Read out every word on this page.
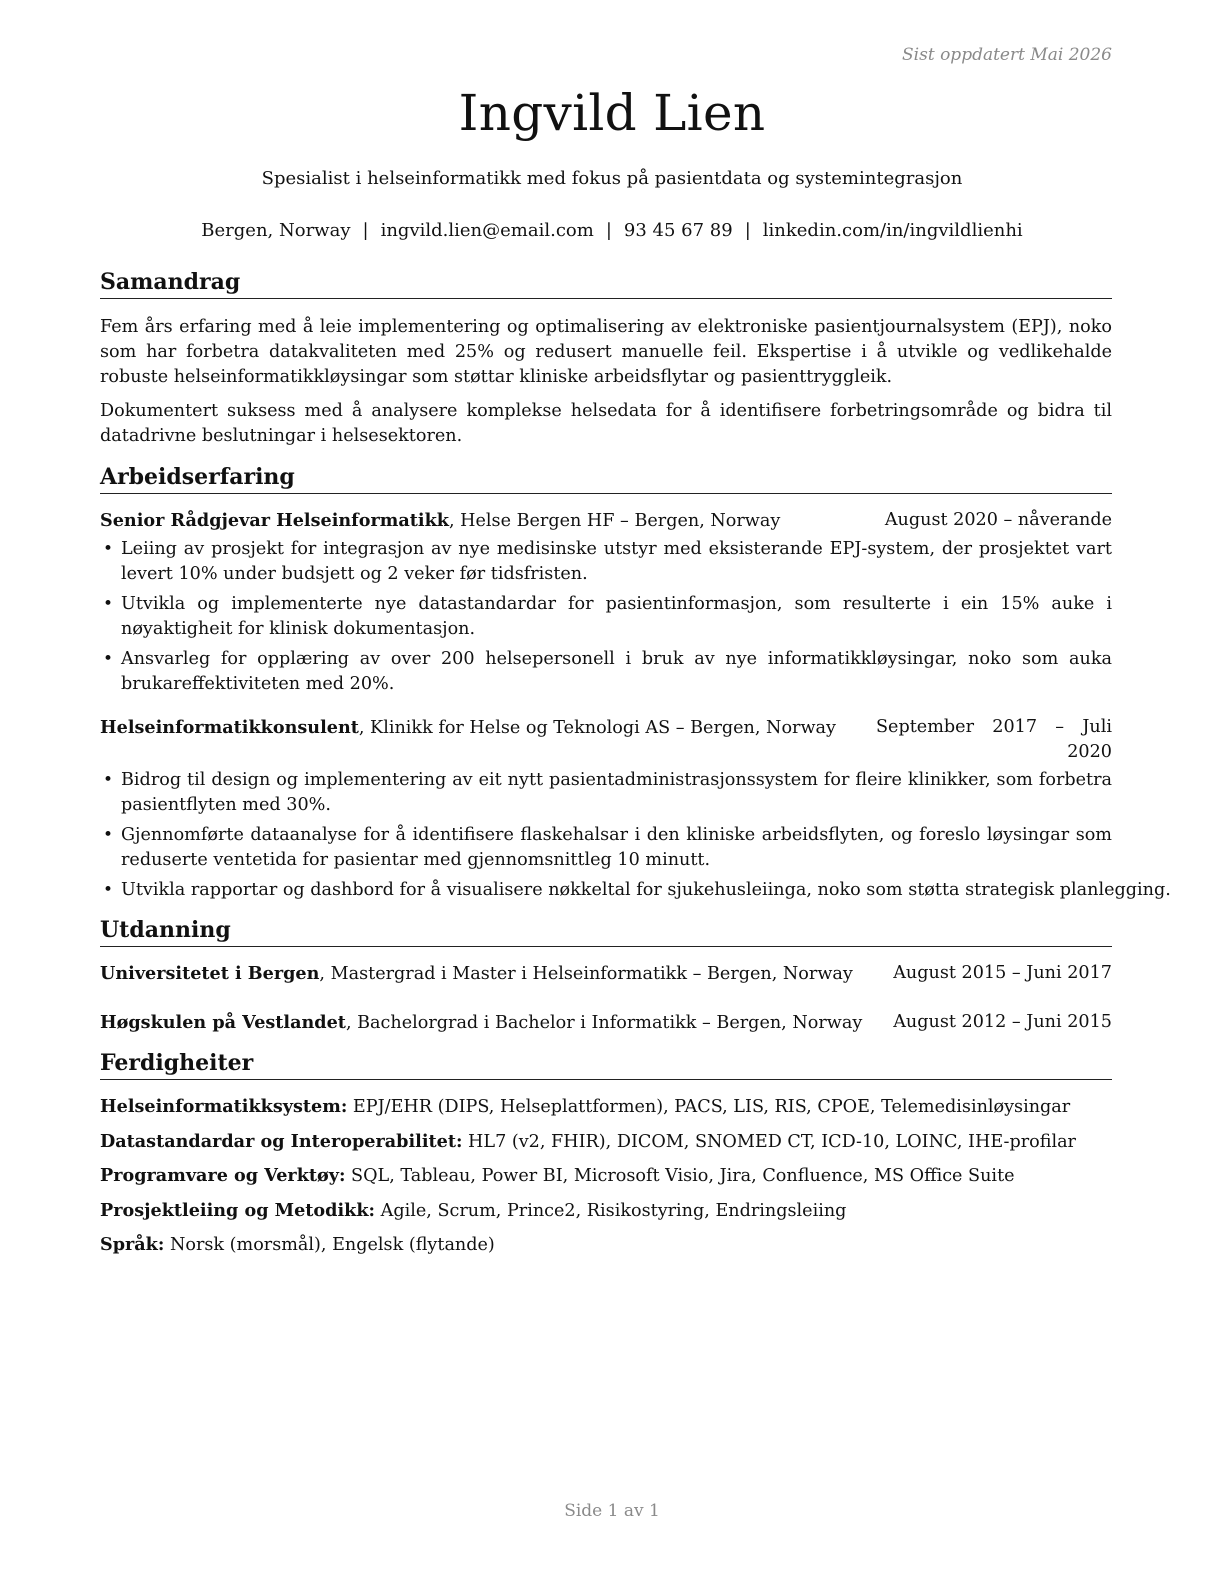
Sist oppdatert Mai 2026
Ingvild Lien
Spesialist i helseinformatikk med fokus på pasientdata og systemintegrasjon
Bergen, Norway | ingvild.lien@email.com | 93 45 67 89 | linkedin.com/in/ingvildlienhi
Samandrag

Fem års erfaring med å leie implementering og optimalisering av elektroniske pasientjournalsystem (EPJ), noko som har forbetra datakvaliteten med 25% og redusert manuelle feil. Ekspertise i å utvikle og vedlikehalde robuste helseinformatikkløysingar som støttar kliniske arbeidsflytar og pasienttryggleik.

Dokumentert suksess med å analysere komplekse helsedata for å identifisere forbetringsområde og bidra til datadrivne beslutningar i helsesektoren.

Arbeidserfaring
Senior Rådgjevar Helseinformatikk, Helse Bergen HF – Bergen, Norway	August 2020 – nåverande
• Leiing av prosjekt for integrasjon av nye medisinske utstyr med eksisterande EPJ-system, der prosjektet vart levert 10% under budsjett og 2 veker før tidsfristen.
• Utvikla og implementerte nye datastandardar for pasientinformasjon, som resulterte i ein 15% auke i nøyaktigheit for klinisk dokumentasjon.
• Ansvarleg for opplæring av over 200 helsepersonell i bruk av nye informatikkløysingar, noko som auka brukareffektiviteten med 20%.
Helseinformatikkonsulent, Klinikk for Helse og Teknologi AS – Bergen, Norway	September 2017 – Juli 2020
• Bidrog til design og implementering av eit nytt pasientadministrasjonssystem for fleire klinikker, som forbetra pasientflyten med 30%.
• Gjennomførte dataanalyse for å identifisere flaskehalsar i den kliniske arbeidsflyten, og foreslo løysingar som reduserte ventetida for pasientar med gjennomsnittleg 10 minutt.
• Utvikla rapportar og dashbord for å visualisere nøkkeltal for sjukehusleiinga, noko som støtta strategisk planlegging.
Utdanning
Universitetet i Bergen, Mastergrad i Master i Helseinformatikk – Bergen, Norway	August 2015 – Juni 2017
Høgskulen på Vestlandet, Bachelorgrad i Bachelor i Informatikk – Bergen, Norway	August 2012 – Juni 2015
Ferdigheiter
Helseinformatikksystem: EPJ/EHR (DIPS, Helseplattformen), PACS, LIS, RIS, CPOE, Telemedisinløysingar
Datastandardar og Interoperabilitet: HL7 (v2, FHIR), DICOM, SNOMED CT, ICD-10, LOINC, IHE-profilar
Programvare og Verktøy: SQL, Tableau, Power BI, Microsoft Visio, Jira, Confluence, MS Office Suite
Prosjektleiing og Metodikk: Agile, Scrum, Prince2, Risikostyring, Endringsleiing
Språk: Norsk (morsmål), Engelsk (flytande)
Side 1 av 1
